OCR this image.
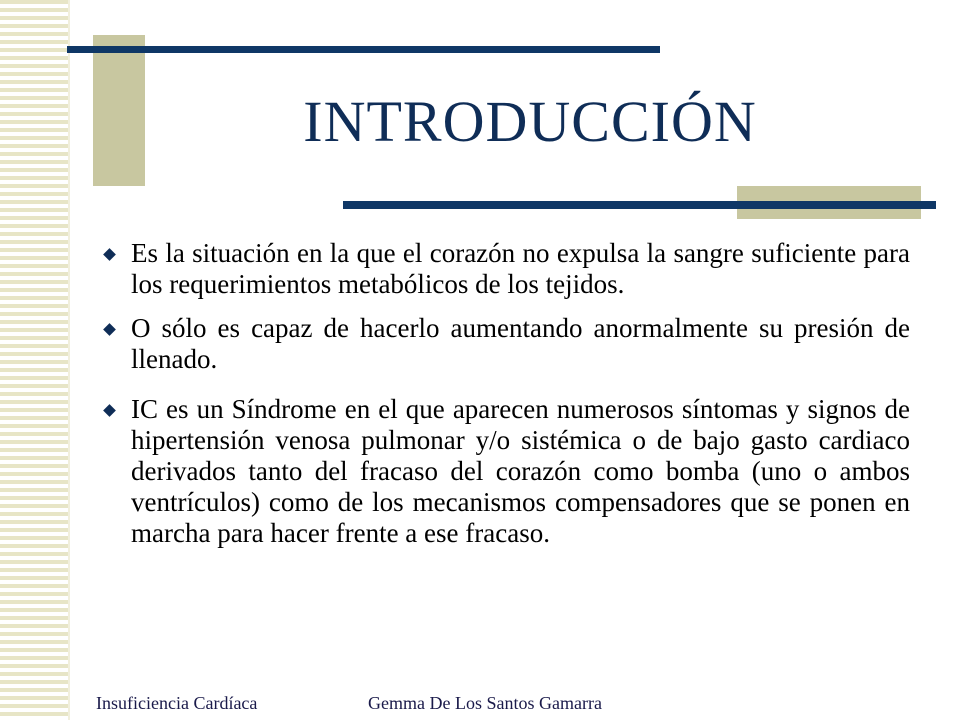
INTRODUCCIÓN
Es la situación en la que el corazón no expulsa la sangre suficiente para los requerimientos metabólicos de los tejidos.
O sólo es capaz de hacerlo aumentando anormalmente su presión de llenado.
IC es un Síndrome en el que aparecen numerosos síntomas y signos de hipertensión venosa pulmonar y/o sistémica o de bajo gasto cardiaco derivados tanto del fracaso del corazón como bomba (uno o ambos ventrículos) como de los mecanismos compensadores que se ponen en marcha para hacer frente a ese fracaso.
Insuficiencia Cardíaca	Gemma De Los Santos Gamarra
